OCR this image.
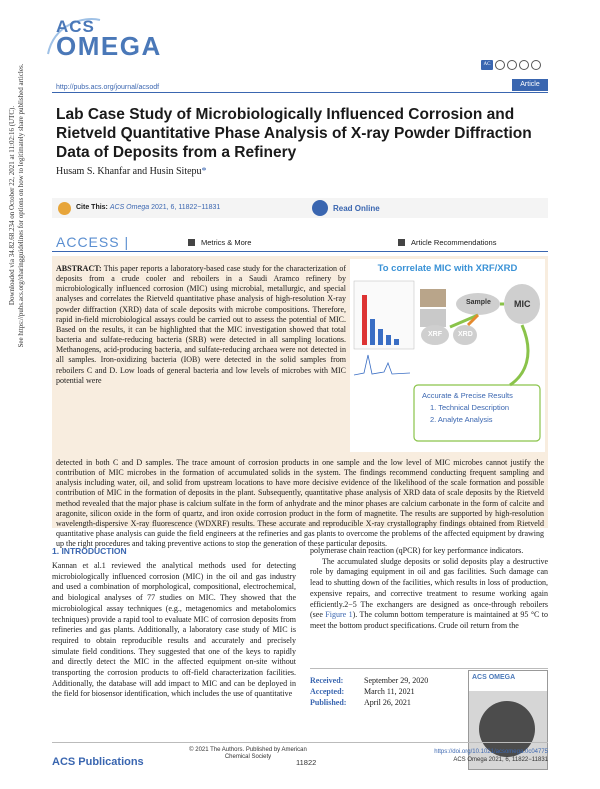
Downloaded via 34.82.68.234 on October 22, 2021 at 11:02:16 (UTC). See https://pubs.acs.org/sharingguidelines for options on how to legitimately share published articles.
ACS
OMEGA
AC
http://pubs.acs.org/journal/acsodf	Article
Lab Case Study of Microbiologically Influenced Corrosion and Rietveld Quantitative Phase Analysis of X-ray Powder Diffraction Data of Deposits from a Refinery
Husam S. Khanfar and Husin Sitepu*
Cite This: ACS Omega 2021, 6, 11822−11831	Read Online
ACCESS |	Metrics & More	Article Recommendations
ABSTRACT: This paper reports a laboratory-based case study for the characterization of deposits from a crude cooler and reboilers in a Saudi Aramco refinery by microbiologically influenced corrosion (MIC) using microbial, metallurgic, and special analyses and correlates the Rietveld quantitative phase analysis of high-resolution X-ray powder diffraction (XRD) data of scale deposits with microbe compositions. Therefore, rapid in-field microbiological assays could be carried out to assess the potential of MIC. Based on the results, it can be highlighted that the MIC investigation showed that total bacteria and sulfate-reducing bacteria (SRB) were detected in all sampling locations. Methanogens, acid-producing bacteria, and sulfate-reducing archaea were not detected in all samples. Iron-oxidizing bacteria (IOB) were detected in the solid samples from reboilers C and D. Low loads of general bacteria and low levels of microbes with MIC potential were
detected in both C and D samples. The trace amount of corrosion products in one sample and the low level of MIC microbes cannot justify the contribution of MIC microbes in the formation of accumulated solids in the system. The findings recommend conducting frequent sampling and analysis including water, oil, and solid from upstream locations to have more decisive evidence of the likelihood of the scale formation and possible contribution of MIC in the formation of deposits in the plant. Subsequently, quantitative phase analysis of XRD data of scale deposits by the Rietveld method revealed that the major phase is calcium sulfate in the form of anhydrate and the minor phases are calcium carbonate in the form of calcite and aragonite, silicon oxide in the form of quartz, and iron oxide corrosion product in the form of magnetite. The results are supported by high-resolution wavelength-dispersive X-ray fluorescence (WDXRF) results. These accurate and reproducible X-ray crystallography findings obtained from Rietveld quantitative phase analysis can guide the field engineers at the refineries and gas plants to overcome the problems of the affected equipment by drawing up the right procedures and taking preventive actions to stop the generation of these particular deposits.
To correlate MIC with XRF/XRD
Sample	MIC
XRF XRD
Accurate & Precise Results
1. Technical Description
2. Analyte Analysis
1. INTRODUCTION
Kannan et al.1 reviewed the analytical methods used for detecting microbiologically influenced corrosion (MIC) in the oil and gas industry and used a combination of morphological, compositional, electrochemical, and biological analyses of 77 studies on MIC. They showed that the microbiological assay techniques (e.g., metagenomics and metabolomics techniques) provide a rapid tool to evaluate MIC of corrosion deposits from refineries and gas plants. Additionally, a laboratory case study of MIC is required to obtain reproducible results and accurately and precisely simulate field conditions. They suggested that one of the keys to rapidly and directly detect the MIC in the affected equipment on-site without transporting the corrosion products to off-field characterization facilities. Additionally, the database will add impact to MIC and can be deployed in the field for biosensor identification, which includes the use of quantitative
polymerase chain reaction (qPCR) for key performance indicators.
The accumulated sludge deposits or solid deposits play a destructive role by damaging equipment in oil and gas facilities. Such damage can lead to shutting down of the facilities, which results in loss of production, expensive repairs, and corrective treatment to resume working again efficiently.2−5 The exchangers are designed as once-through reboilers (see Figure 1). The column bottom temperature is maintained at 95 °C to meet the bottom product specifications. Crude oil return from the
Received:	September 29, 2020
Accepted: March 11, 2021
Published: April 26, 2021
ACS OMEGA
ACS Publications
© 2021 The Authors. Published by American Chemical Society
11822
https://doi.org/10.1021/acsomega.0c04775
ACS Omega 2021, 6, 11822−11831
